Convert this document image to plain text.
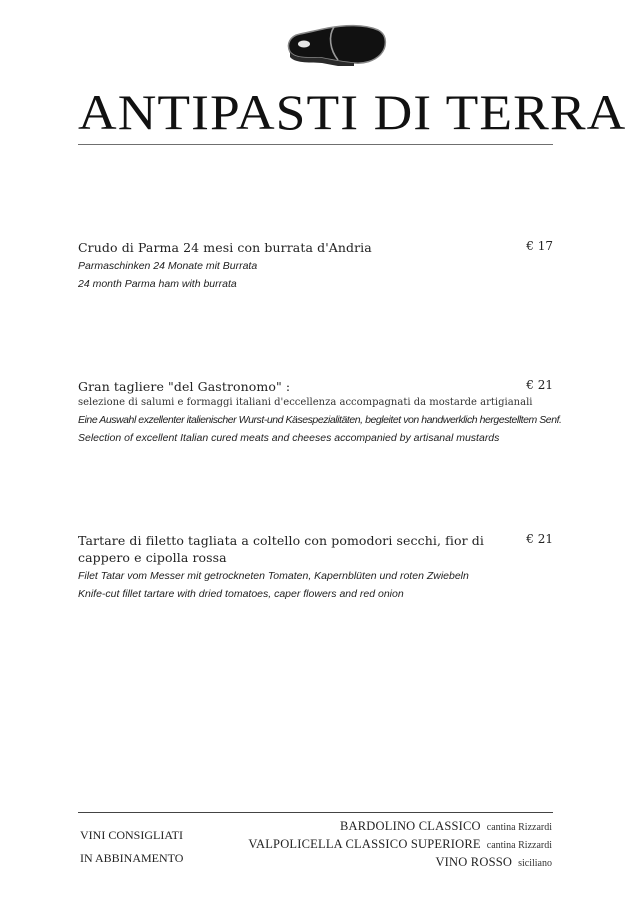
ANTIPASTI DI TERRA
Crudo di Parma 24 mesi con burrata d'Andria	€ 17
Parmaschinken 24 Monate mit Burrata
24 month Parma ham with burrata
Gran tagliere "del Gastronomo" :	€ 21
selezione di salumi e formaggi italiani d'eccellenza accompagnati da mostarde artigianali
Eine Auswahl exzellenter italienischer Wurst-und Käsespezialitäten, begleitet von handwerklich hergestelltem Senf.
Selection of excellent Italian cured meats and cheeses accompanied by artisanal mustards
Tartare di filetto tagliata a coltello con pomodori secchi, fior di cappero e cipolla rossa
€ 21
Filet Tatar vom Messer mit getrockneten Tomaten, Kapernblüten und roten Zwiebeln
Knife-cut fillet tartare with dried tomatoes, caper flowers and red onion
VINI CONSIGLIATI
IN ABBINAMENTO
BARDOLINO CLASSICO cantina Rizzardi
VALPOLICELLA CLASSICO SUPERIORE cantina Rizzardi
VINO ROSSO siciliano
